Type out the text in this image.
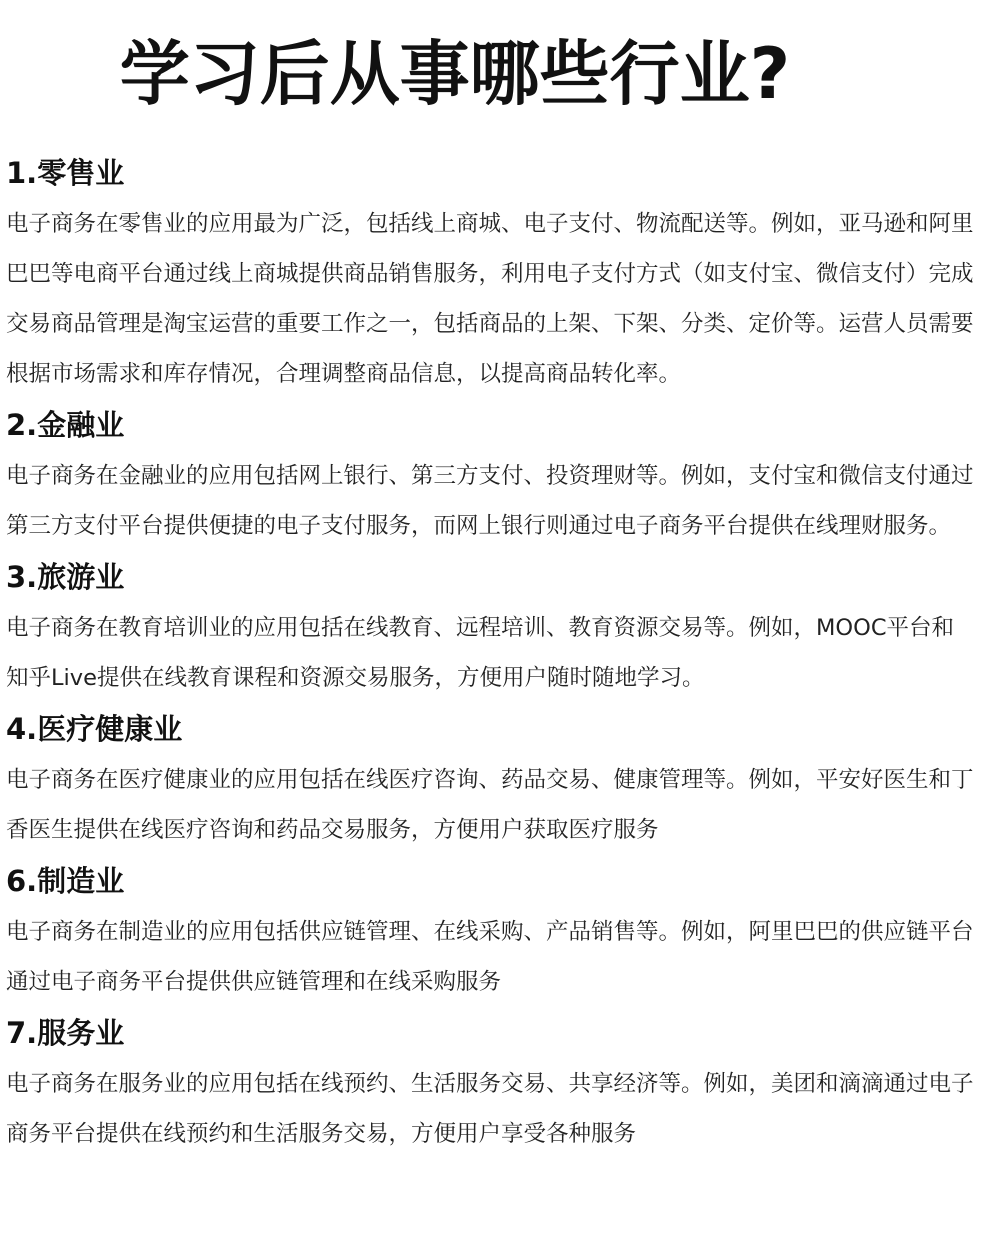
学习后从事哪些行业?
1.零售业

电子商务在零售业的应用最为广泛，包括线上商城、电子支付、物流配送等。例如，亚马逊和阿里巴巴等电商平台通过线上商城提供商品销售服务，利用电子支付方式（如支付宝、微信支付）完成交易商品管理是淘宝运营的重要工作之一，包括商品的上架、下架、分类、定价等。运营人员需要根据市场需求和库存情况，合理调整商品信息，以提高商品转化率。

2.金融业

电子商务在金融业的应用包括网上银行、第三方支付、投资理财等。例如，支付宝和微信支付通过第三方支付平台提供便捷的电子支付服务，而网上银行则通过电子商务平台提供在线理财服务。

3.旅游业

电子商务在教育培训业的应用包括在线教育、远程培训、教育资源交易等。例如，MOOC平台和知乎Live提供在线教育课程和资源交易服务，方便用户随时随地学习。

4.医疗健康业

电子商务在医疗健康业的应用包括在线医疗咨询、药品交易、健康管理等。例如，平安好医生和丁香医生提供在线医疗咨询和药品交易服务，方便用户获取医疗服务

6.制造业

电子商务在制造业的应用包括供应链管理、在线采购、产品销售等。例如，阿里巴巴的供应链平台通过电子商务平台提供供应链管理和在线采购服务

7.服务业

电子商务在服务业的应用包括在线预约、生活服务交易、共享经济等。例如，美团和滴滴通过电子商务平台提供在线预约和生活服务交易，方便用户享受各种服务
